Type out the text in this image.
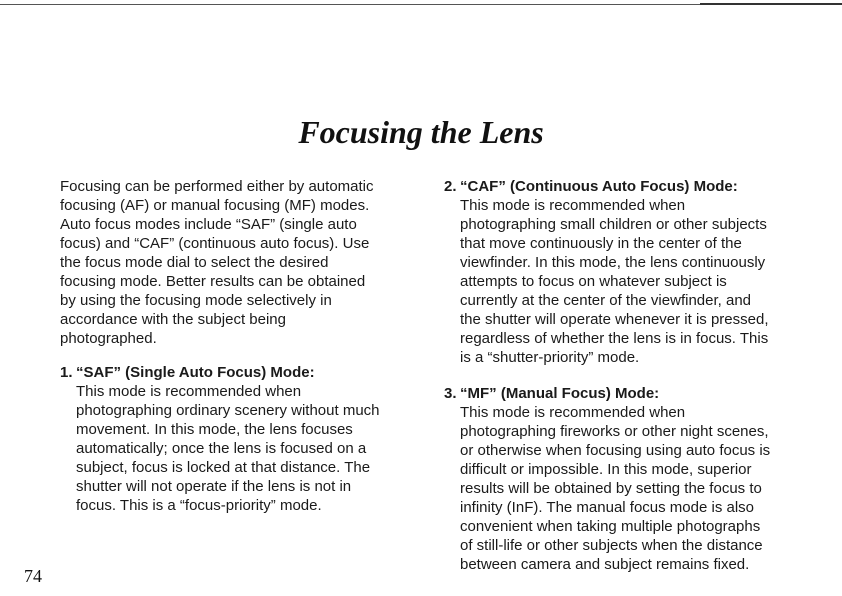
Focusing the Lens

Focusing can be performed either by automatic
focusing (AF) or manual focusing (MF) modes.
Auto focus modes include “SAF” (single auto
focus) and “CAF” (continuous auto focus). Use
the focus mode dial to select the desired
focusing mode. Better results can be obtained
by using the focusing mode selectively in
accordance with the subject being
photographed.

1. “SAF” (Single Auto Focus) Mode:

This mode is recommended when
photographing ordinary scenery without much
movement. In this mode, the lens focuses
automatically; once the lens is focused on a
subject, focus is locked at that distance. The
shutter will not operate if the lens is not in
focus. This is a “focus-priority” mode.

2. “CAF” (Continuous Auto Focus) Mode:

This mode is recommended when
photographing small children or other subjects
that move continuously in the center of the
viewfinder. In this mode, the lens continuously
attempts to focus on whatever subject is
currently at the center of the viewfinder, and
the shutter will operate whenever it is pressed,
regardless of whether the lens is in focus. This
is a “shutter-priority” mode.

3. “MF” (Manual Focus) Mode:

This mode is recommended when
photographing fireworks or other night scenes,
or otherwise when focusing using auto focus is
difficult or impossible. In this mode, superior
results will be obtained by setting the focus to
infinity (InF). The manual focus mode is also
convenient when taking multiple photographs
of still-life or other subjects when the distance
between camera and subject remains fixed.

74
